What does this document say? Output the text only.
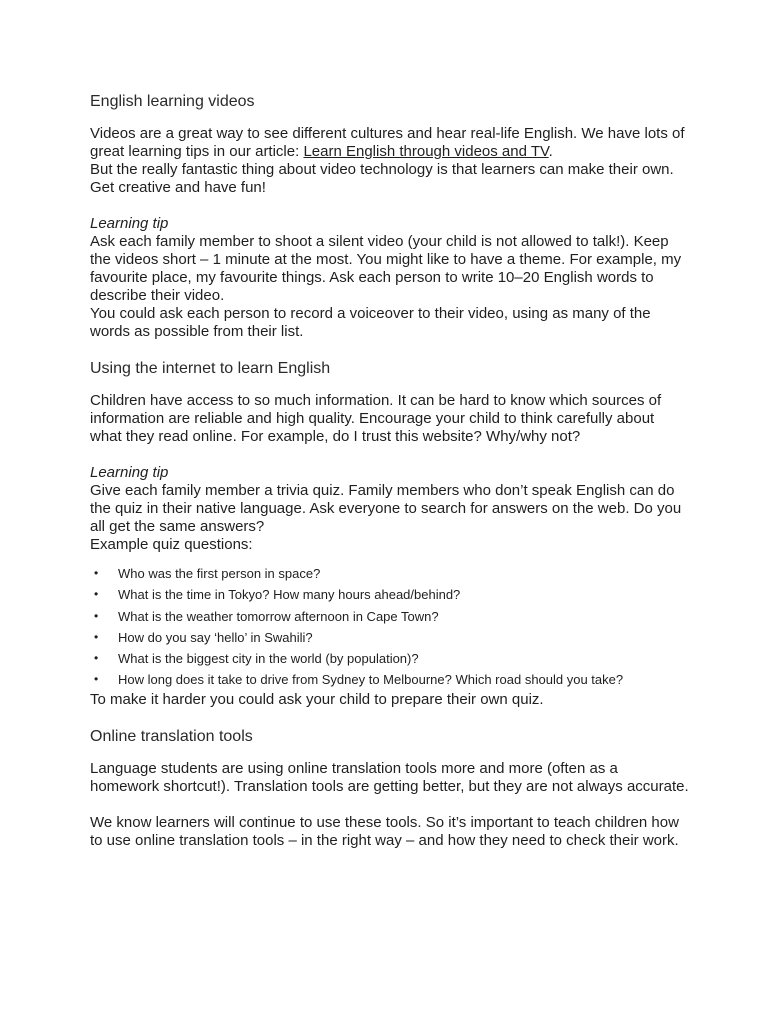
English learning videos

Videos are a great way to see different cultures and hear real-life English. We have lots of great learning tips in our article: Learn English through videos and TV.

But the really fantastic thing about video technology is that learners can make their own. Get creative and have fun!

Learning tip

Ask each family member to shoot a silent video (your child is not allowed to talk!). Keep the videos short – 1 minute at the most. You might like to have a theme. For example, my favourite place, my favourite things. Ask each person to write 10–20 English words to describe their video.

You could ask each person to record a voiceover to their video, using as many of the words as possible from their list.

Using the internet to learn English

Children have access to so much information. It can be hard to know which sources of information are reliable and high quality. Encourage your child to think carefully about what they read online. For example, do I trust this website? Why/why not?

Learning tip

Give each family member a trivia quiz. Family members who don’t speak English can do the quiz in their native language. Ask everyone to search for answers on the web. Do you all get the same answers?

Example quiz questions:

• Who was the first person in space?
• What is the time in Tokyo? How many hours ahead/behind?
• What is the weather tomorrow afternoon in Cape Town?
• How do you say ‘hello’ in Swahili?
• What is the biggest city in the world (by population)?
• How long does it take to drive from Sydney to Melbourne? Which road should you take?

To make it harder you could ask your child to prepare their own quiz.

Online translation tools

Language students are using online translation tools more and more (often as a homework shortcut!). Translation tools are getting better, but they are not always accurate.

We know learners will continue to use these tools. So it’s important to teach children how to use online translation tools – in the right way – and how they need to check their work.
